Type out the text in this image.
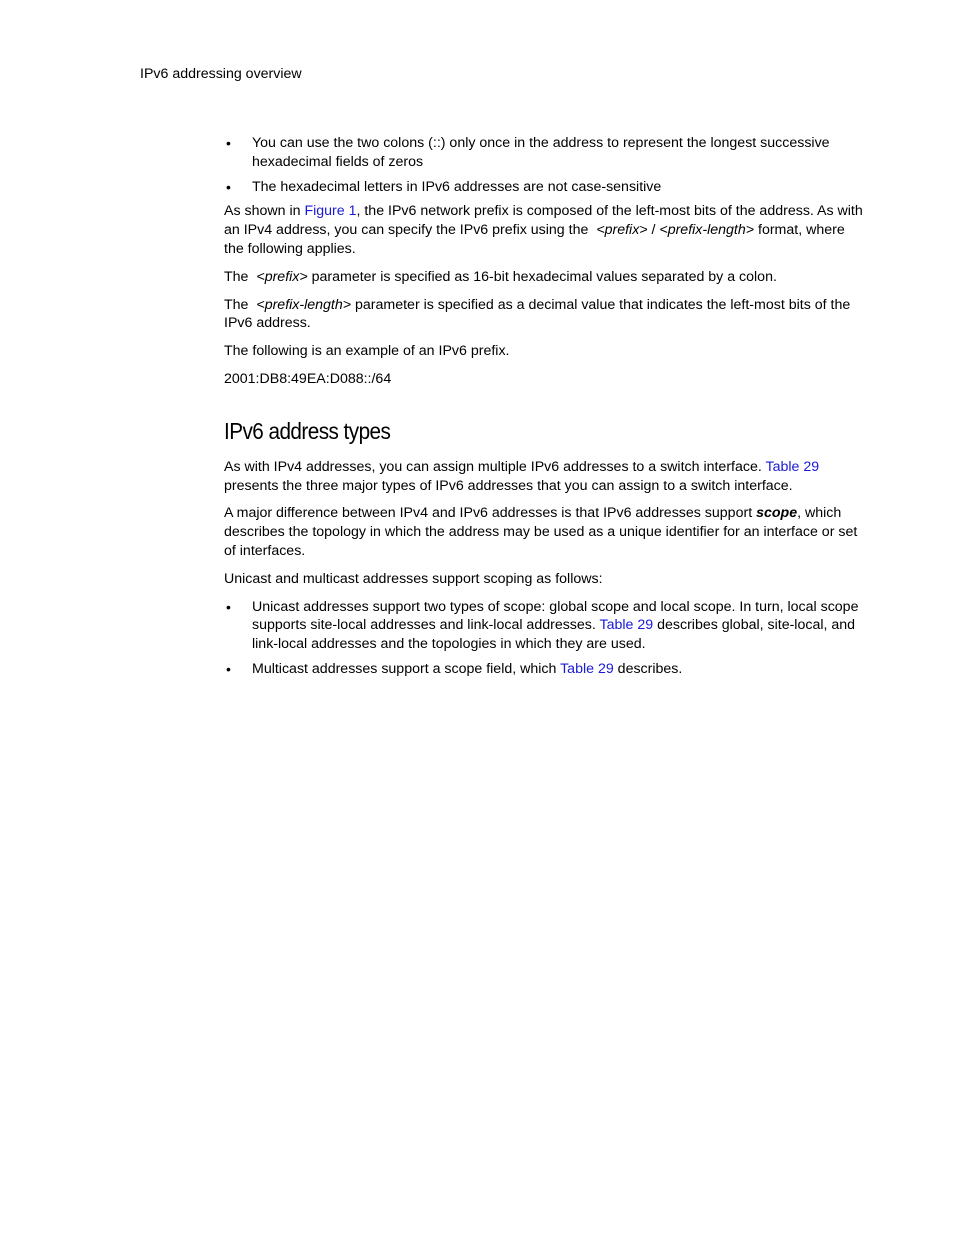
IPv6 addressing overview
• You can use the two colons (::) only once in the address to represent the longest successive hexadecimal fields of zeros
• The hexadecimal letters in IPv6 addresses are not case-sensitive

As shown in Figure 1, the IPv6 network prefix is composed of the left-most bits of the address. As with an IPv4 address, you can specify the IPv6 prefix using the <prefix> / <prefix-length> format, where the following applies.

The <prefix> parameter is specified as 16-bit hexadecimal values separated by a colon.

The <prefix-length> parameter is specified as a decimal value that indicates the left-most bits of the IPv6 address.

The following is an example of an IPv6 prefix.

2001:DB8:49EA:D088::/64

IPv6 address types

As with IPv4 addresses, you can assign multiple IPv6 addresses to a switch interface. Table 29 presents the three major types of IPv6 addresses that you can assign to a switch interface.

A major difference between IPv4 and IPv6 addresses is that IPv6 addresses support scope, which describes the topology in which the address may be used as a unique identifier for an interface or set of interfaces.

Unicast and multicast addresses support scoping as follows:

• Unicast addresses support two types of scope: global scope and local scope. In turn, local scope supports site-local addresses and link-local addresses. Table 29 describes global, site-local, and link-local addresses and the topologies in which they are used.
• Multicast addresses support a scope field, which Table 29 describes.
